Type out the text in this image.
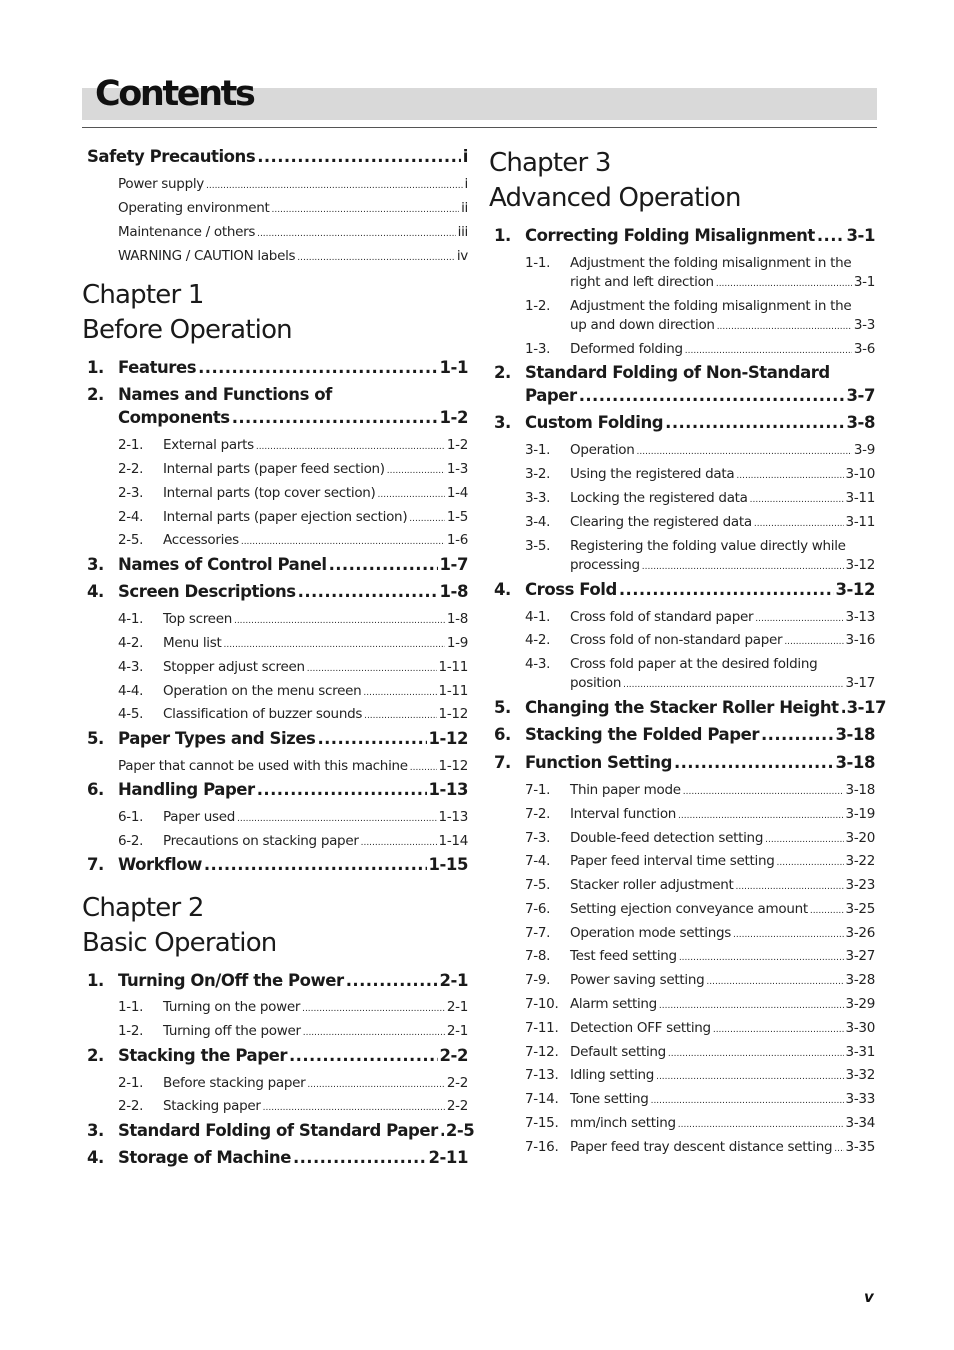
Contents
Safety Precautions .....	i
Power supply .....	i
Operating environment .....	ii
Maintenance / others .....	iii
WARNING / CAUTION labels .....	iv
Chapter 1
Before Operation
1. Features .....	1-1
2. Names and Functions of
Components .....	1-2
2-1.	External parts .....	1-2
2-2.	Internal parts (paper feed section) .....	1-3
2-3.	Internal parts (top cover section) .....	1-4
2-4.	Internal parts (paper ejection section) .....	1-5
2-5.	Accessories .....	1-6
3. Names of Control Panel .....	1-7
4. Screen Descriptions .....	1-8
4-1.	Top screen .....	1-8
4-2.	Menu list .....	1-9
4-3.	Stopper adjust screen .....	1-11
4-4.	Operation on the menu screen .....	1-11
4-5.	Classification of buzzer sounds .....	1-12
5. Paper Types and Sizes .....	1-12
Paper that cannot be used with this machine ..... 1-12
6. Handling Paper .....	1-13
6-1.	Paper used .....	1-13
6-2.	Precautions on stacking paper .....	1-14
7. Workflow .....	1-15
Chapter 2
Basic Operation
1. Turning On/Off the Power .....	2-1
1-1.	Turning on the power .....	2-1
1-2.	Turning off the power .....	2-1
2. Stacking the Paper .....	2-2
2-1.	Before stacking paper .....	2-2
2-2.	Stacking paper .....	2-2
3. Standard Folding of Standard Paper ..... 2-5
4. Storage of Machine .....	2-11
Chapter 3
Advanced Operation
1. Correcting Folding Misalignment ..... 3-1
1-1.	Adjustment the folding misalignment in the
right and left direction .....	3-1
1-2.	Adjustment the folding misalignment in the
up and down direction .....	3-3
1-3.	Deformed folding .....	3-6
2. Standard Folding of Non-Standard
Paper .....	3-7
3. Custom Folding .....	3-8
3-1.	Operation .....	3-9
3-2.	Using the registered data .....	3-10
3-3.	Locking the registered data .....	3-11
3-4.	Clearing the registered data .....	3-11
3-5.	Registering the folding value directly while
processing .....	3-12
4. Cross Fold .....	3-12
4-1.	Cross fold of standard paper .....	3-13
4-2.	Cross fold of non-standard paper .....	3-16
4-3.	Cross fold paper at the desired folding
position .....	3-17
5. Changing the Stacker Roller Height ..... 3-17
6. Stacking the Folded Paper .....	3-18
7. Function Setting .....	3-18
7-1.	Thin paper mode .....	3-18
7-2.	Interval function .....	3-19
7-3.	Double-feed detection setting .....	3-20
7-4.	Paper feed interval time setting .....	3-22
7-5.	Stacker roller adjustment .....	3-23
7-6.	Setting ejection conveyance amount .....	3-25
7-7.	Operation mode settings .....	3-26
7-8.	Test feed setting .....	3-27
7-9.	Power saving setting .....	3-28
7-10. Alarm setting .....	3-29
7-11. Detection OFF setting .....	3-30
7-12. Default setting .....	3-31
7-13. Idling setting .....	3-32
7-14. Tone setting .....	3-33
7-15. mm/inch setting .....	3-34
7-16. Paper feed tray descent distance setting ..... 3-35
v
